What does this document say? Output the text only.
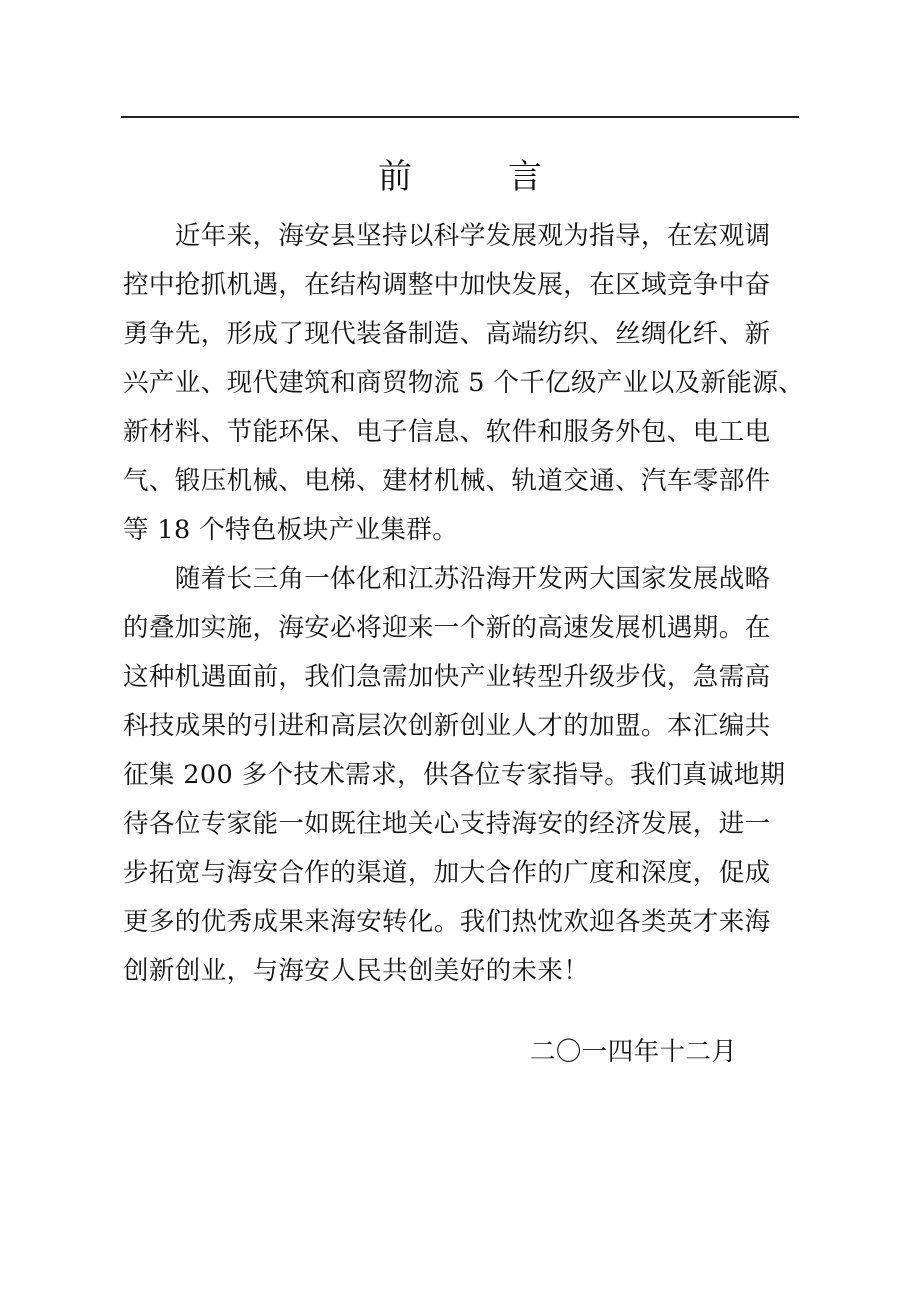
前	言
　　近年来，海安县坚持以科学发展观为指导，在宏观调
控中抢抓机遇，在结构调整中加快发展，在区域竞争中奋
勇争先，形成了现代装备制造、高端纺织、丝绸化纤、新
兴产业、现代建筑和商贸物流 5 个千亿级产业以及新能源、
新材料、节能环保、电子信息、软件和服务外包、电工电
气、锻压机械、电梯、建材机械、轨道交通、汽车零部件
等 18 个特色板块产业集群。
　　随着长三角一体化和江苏沿海开发两大国家发展战略
的叠加实施，海安必将迎来一个新的高速发展机遇期。在
这种机遇面前，我们急需加快产业转型升级步伐，急需高
科技成果的引进和高层次创新创业人才的加盟。本汇编共
征集 200 多个技术需求，供各位专家指导。我们真诚地期
待各位专家能一如既往地关心支持海安的经济发展，进一
步拓宽与海安合作的渠道，加大合作的广度和深度，促成
更多的优秀成果来海安转化。我们热忱欢迎各类英才来海
创新创业，与海安人民共创美好的未来！
二〇一四年十二月
